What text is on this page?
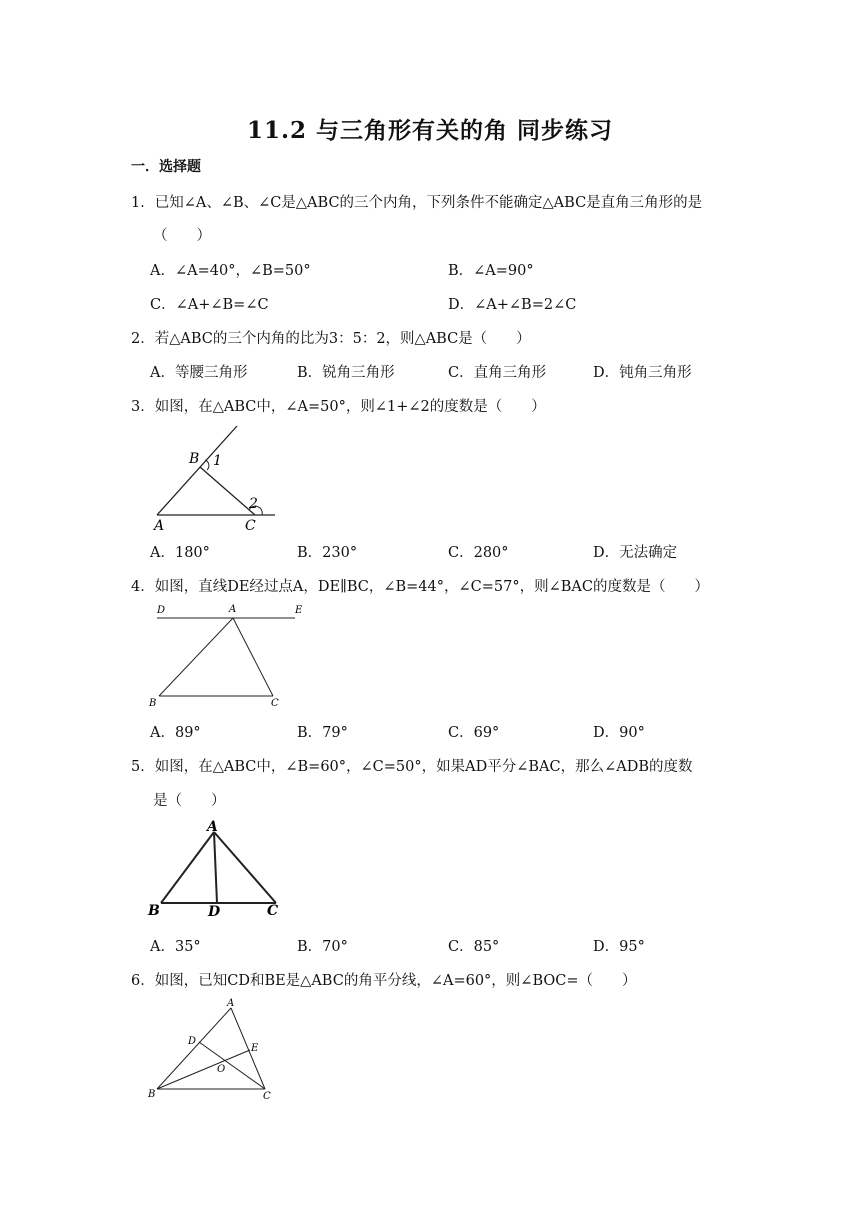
11.2 与三角形有关的角 同步练习
一．选择题
1．已知∠A、∠B、∠C是△ABC的三个内角，下列条件不能确定△ABC是直角三角形的是
（　　）
A．∠A=40°，∠B=50°	B．∠A=90°
C．∠A+∠B=∠C	D．∠A+∠B=2∠C
2．若△ABC的三个内角的比为3：5：2，则△ABC是（　　）
A．等腰三角形	B．锐角三角形	C．直角三角形	D．钝角三角形
3．如图，在△ABC中，∠A=50°，则∠1+∠2的度数是（　　）
B 1
2
A	C
A．180°	B．230°	C．280°	D．无法确定
4．如图，直线DE经过点A，DE∥BC，∠B=44°，∠C=57°，则∠BAC的度数是（　　）
D	A	E
B	C
A．89°	B．79°	C．69°	D．90°
5．如图，在△ABC中，∠B=60°，∠C=50°，如果AD平分∠BAC，那么∠ADB的度数
是（　　）
A
B	D	C
A．35°	B．70°	C．85°	D．95°
6．如图，已知CD和BE是△ABC的角平分线，∠A=60°，则∠BOC=（　　）
A
D
E
O
B	C
